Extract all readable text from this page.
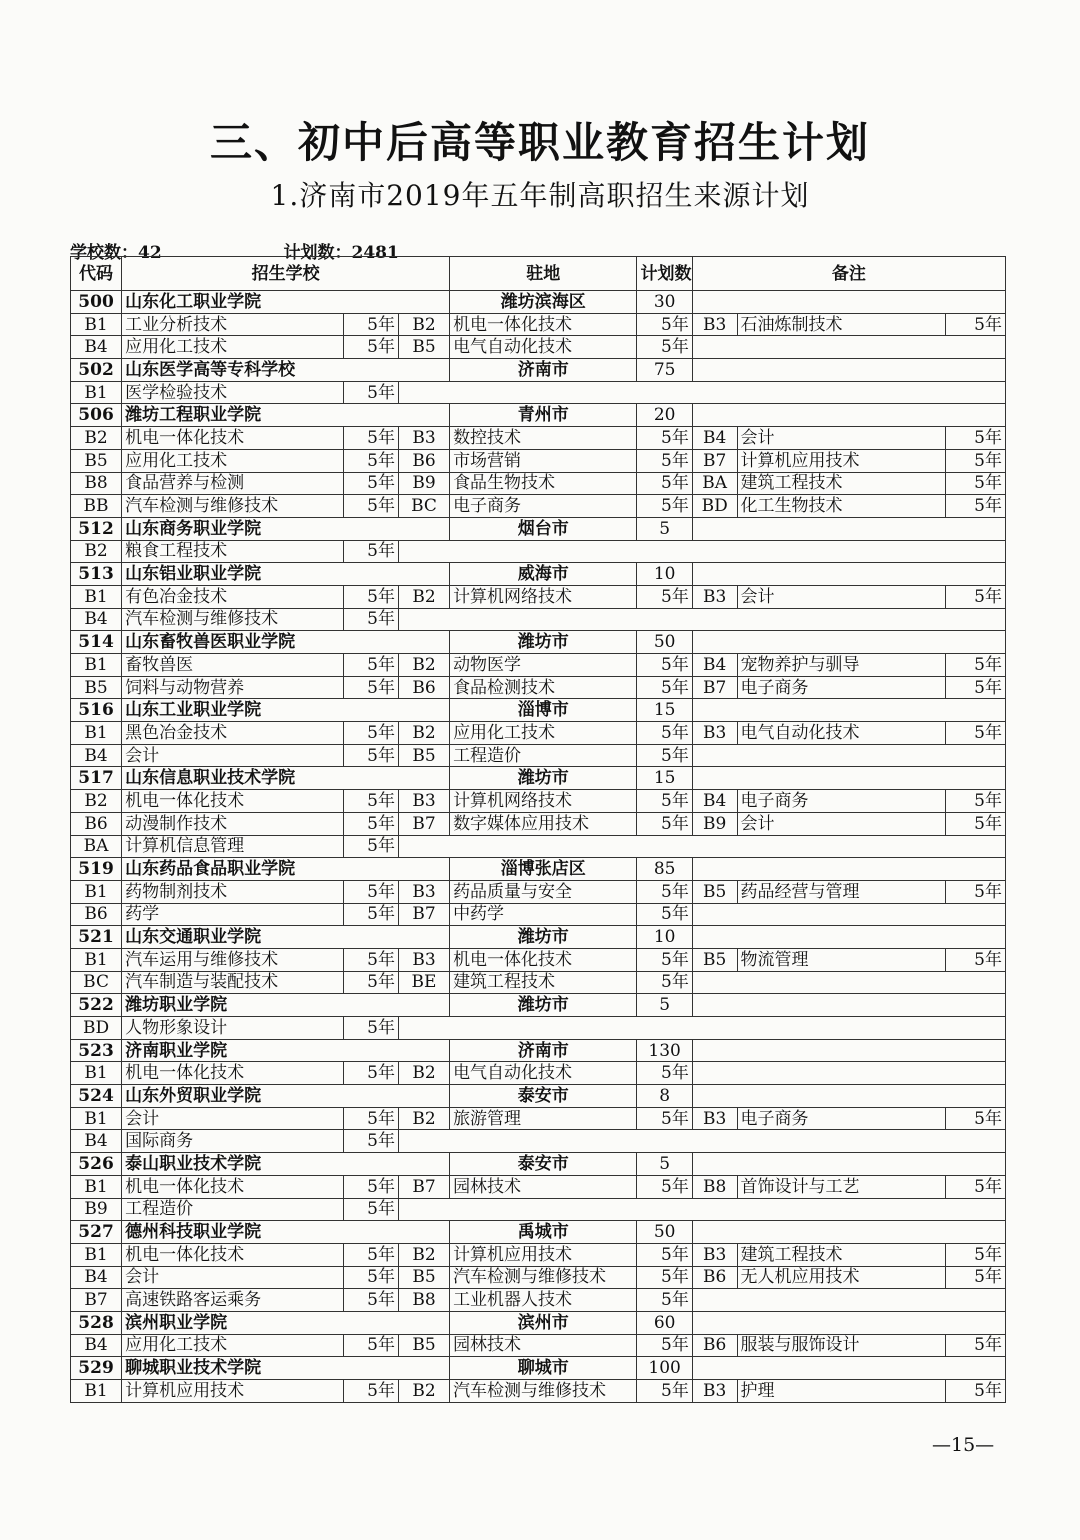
三、初中后高等职业教育招生计划
1.济南市2019年五年制高职招生来源计划
学校数：42	计划数：2481
代码	招生学校			驻地	计划数	备注		
500	山东化工职业学院			潍坊滨海区	30			
B1	工业分析技术	5年	B2	机电一体化技术	5年	B3	石油炼制技术	5年
B4	应用化工技术	5年	B5	电气自动化技术	5年			
502	山东医学高等专科学校			济南市	75			
B1	医学检验技术	5年						
506	潍坊工程职业学院			青州市	20			
B2	机电一体化技术	5年	B3	数控技术	5年	B4	会计	5年
B5	应用化工技术	5年	B6	市场营销	5年	B7	计算机应用技术	5年
B8	食品营养与检测	5年	B9	食品生物技术	5年	BA	建筑工程技术	5年
BB	汽车检测与维修技术	5年	BC	电子商务	5年	BD	化工生物技术	5年
512	山东商务职业学院			烟台市	5			
B2	粮食工程技术	5年						
513	山东铝业职业学院			威海市	10			
B1	有色冶金技术	5年	B2	计算机网络技术	5年	B3	会计	5年
B4	汽车检测与维修技术	5年						
514	山东畜牧兽医职业学院			潍坊市	50			
B1	畜牧兽医	5年	B2	动物医学	5年	B4	宠物养护与驯导	5年
B5	饲料与动物营养	5年	B6	食品检测技术	5年	B7	电子商务	5年
516	山东工业职业学院			淄博市	15			
B1	黑色冶金技术	5年	B2	应用化工技术	5年	B3	电气自动化技术	5年
B4	会计	5年	B5	工程造价	5年			
517	山东信息职业技术学院			潍坊市	15			
B2	机电一体化技术	5年	B3	计算机网络技术	5年	B4	电子商务	5年
B6	动漫制作技术	5年	B7	数字媒体应用技术	5年	B9	会计	5年
BA	计算机信息管理	5年						
519	山东药品食品职业学院			淄博张店区	85			
B1	药物制剂技术	5年	B3	药品质量与安全	5年	B5	药品经营与管理	5年
B6	药学	5年	B7	中药学	5年			
521	山东交通职业学院			潍坊市	10			
B1	汽车运用与维修技术	5年	B3	机电一体化技术	5年	B5	物流管理	5年
BC	汽车制造与装配技术	5年	BE	建筑工程技术	5年			
522	潍坊职业学院			潍坊市	5			
BD	人物形象设计	5年						
523	济南职业学院			济南市	130			
B1	机电一体化技术	5年	B2	电气自动化技术	5年			
524	山东外贸职业学院			泰安市	8			
B1	会计	5年	B2	旅游管理	5年	B3	电子商务	5年
B4	国际商务	5年						
526	泰山职业技术学院			泰安市	5			
B1	机电一体化技术	5年	B7	园林技术	5年	B8	首饰设计与工艺	5年
B9	工程造价	5年						
527	德州科技职业学院			禹城市	50			
B1	机电一体化技术	5年	B2	计算机应用技术	5年	B3	建筑工程技术	5年
B4	会计	5年	B5	汽车检测与维修技术	5年	B6	无人机应用技术	5年
B7	高速铁路客运乘务	5年	B8	工业机器人技术	5年			
528	滨州职业学院			滨州市	60			
B4	应用化工技术	5年	B5	园林技术	5年	B6	服装与服饰设计	5年
529	聊城职业技术学院			聊城市	100			
B1	计算机应用技术	5年	B2	汽车检测与维修技术	5年	B3	护理	5年
—15—
